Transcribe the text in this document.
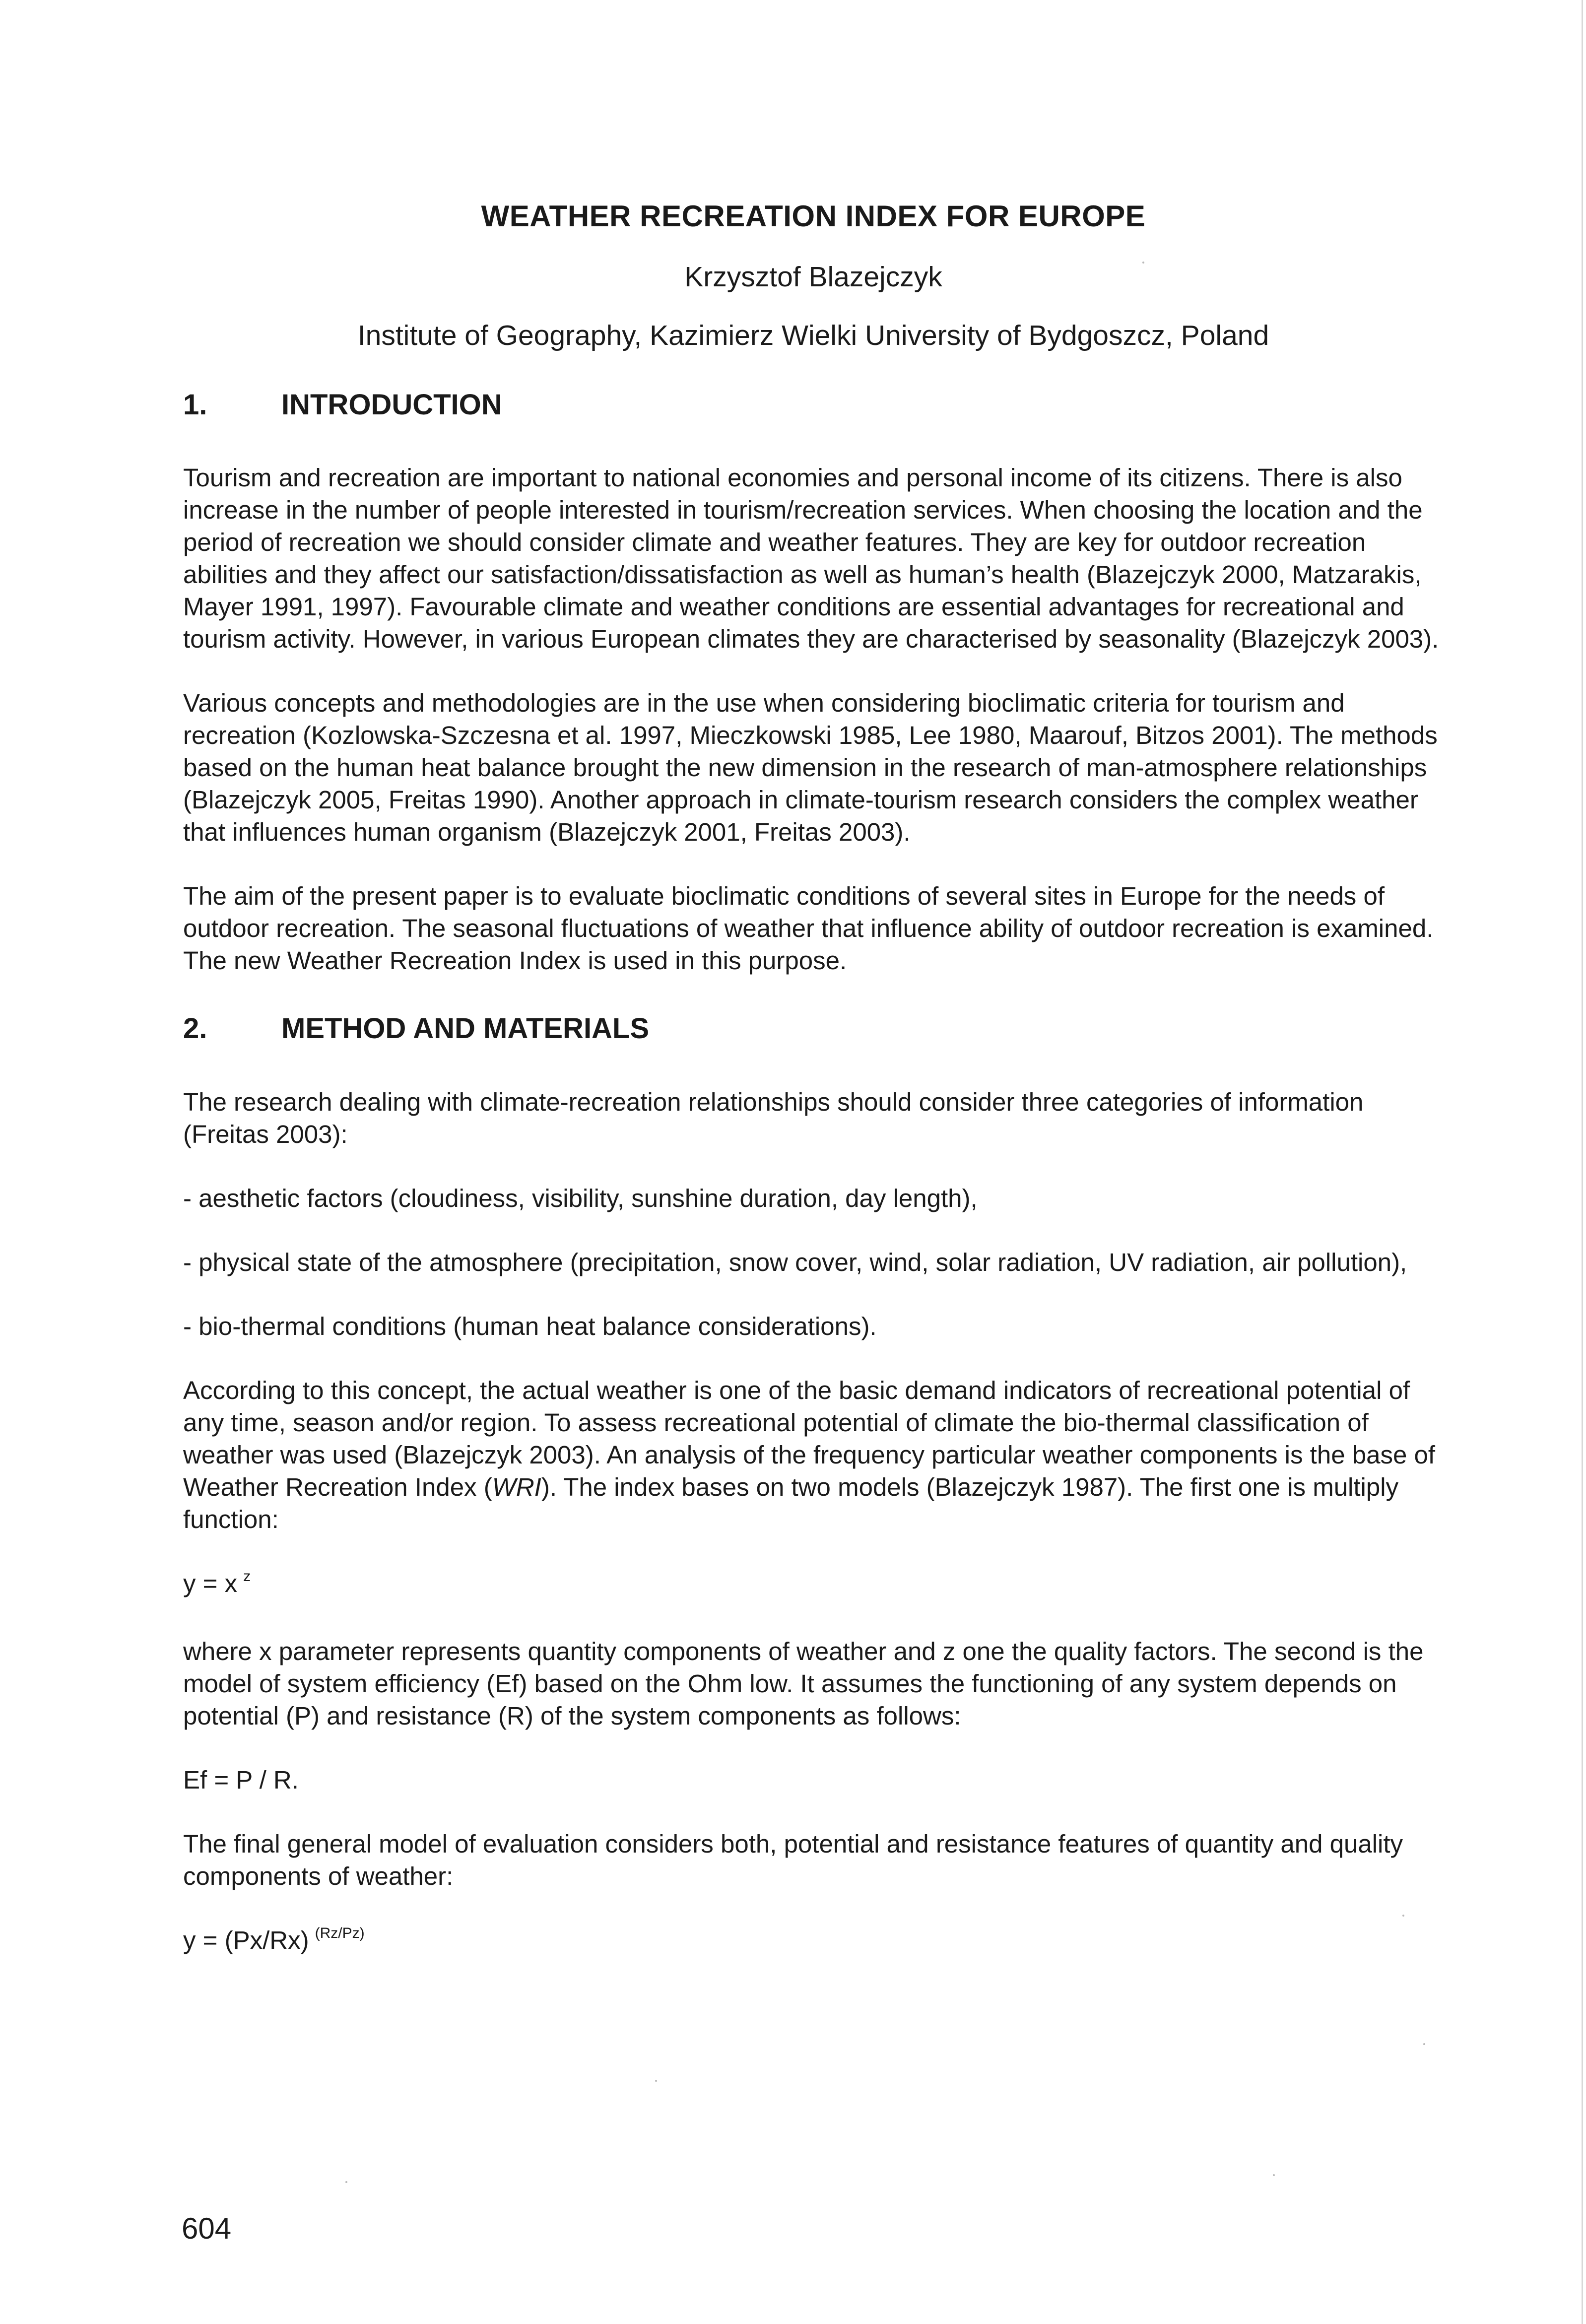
WEATHER RECREATION INDEX FOR EUROPE

Krzysztof Blazejczyk

Institute of Geography, Kazimierz Wielki University of Bydgoszcz, Poland

1.	INTRODUCTION

Tourism and recreation are important to national economies and personal income of its citizens. There is also increase in the number of people interested in tourism/recreation services. When choosing the location and the period of recreation we should consider climate and weather features. They are key for outdoor recreation abilities and they affect our satisfaction/dissatisfaction as well as human’s health (Blazejczyk 2000, Matzarakis, Mayer 1991, 1997). Favourable climate and weather conditions are essential advantages for recreational and tourism activity. However, in various European climates they are characterised by seasonality (Blazejczyk 2003).

Various concepts and methodologies are in the use when considering bioclimatic criteria for tourism and recreation (Kozlowska-Szczesna et al. 1997, Mieczkowski 1985, Lee 1980, Maarouf, Bitzos 2001). The methods based on the human heat balance brought the new dimension in the research of man-atmosphere relationships (Blazejczyk 2005, Freitas 1990). Another approach in climate-tourism research considers the complex weather that influences human organism (Blazejczyk 2001, Freitas 2003).

The aim of the present paper is to evaluate bioclimatic conditions of several sites in Europe for the needs of outdoor recreation. The seasonal fluctuations of weather that influence ability of outdoor recreation is examined. The new Weather Recreation Index is used in this purpose.

2.	METHOD AND MATERIALS

The research dealing with climate-recreation relationships should consider three categories of information (Freitas 2003):

- aesthetic factors (cloudiness, visibility, sunshine duration, day length),

- physical state of the atmosphere (precipitation, snow cover, wind, solar radiation, UV radiation, air pollution),

- bio-thermal conditions (human heat balance considerations).

According to this concept, the actual weather is one of the basic demand indicators of recreational potential of any time, season and/or region. To assess recreational potential of climate the bio-thermal classification of weather was used (Blazejczyk 2003). An analysis of the frequency particular weather components is the base of Weather Recreation Index (WRI). The index bases on two models (Blazejczyk 1987). The first one is multiply function:

y = x $^z$

where x parameter represents quantity components of weather and z one the quality factors. The second is the model of system efficiency (Ef) based on the Ohm low. It assumes the functioning of any system depends on potential (P) and resistance (R) of the system components as follows:

Ef = P / R.

The final general model of evaluation considers both, potential and resistance features of quantity and quality components of weather:

y = (Px/Rx) $^{(Rz/Pz)}$

604
